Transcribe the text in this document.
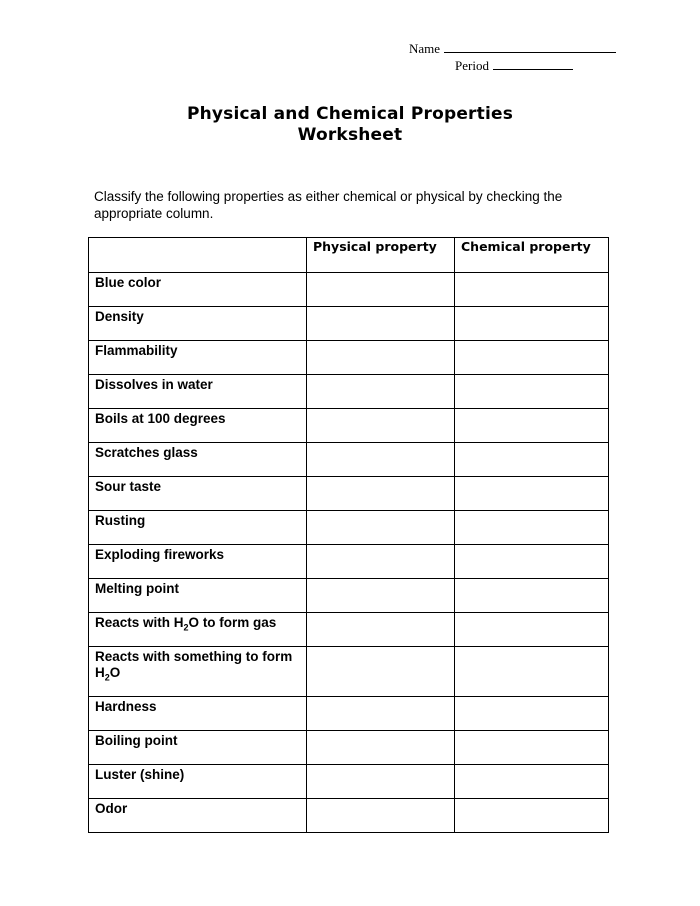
Name
Period
Physical and Chemical Properties
Worksheet
Classify the following properties as either chemical or physical by checking the appropriate column.
	Physical property	Chemical property
Blue color		
Density		
Flammability		
Dissolves in water		
Boils at 100 degrees		
Scratches glass		
Sour taste		
Rusting		
Exploding fireworks		
Melting point		
Reacts with $H_2O$ to form gas		
Reacts with something to form $H_2O$		
Hardness		
Boiling point		
Luster (shine)		
Odor		
